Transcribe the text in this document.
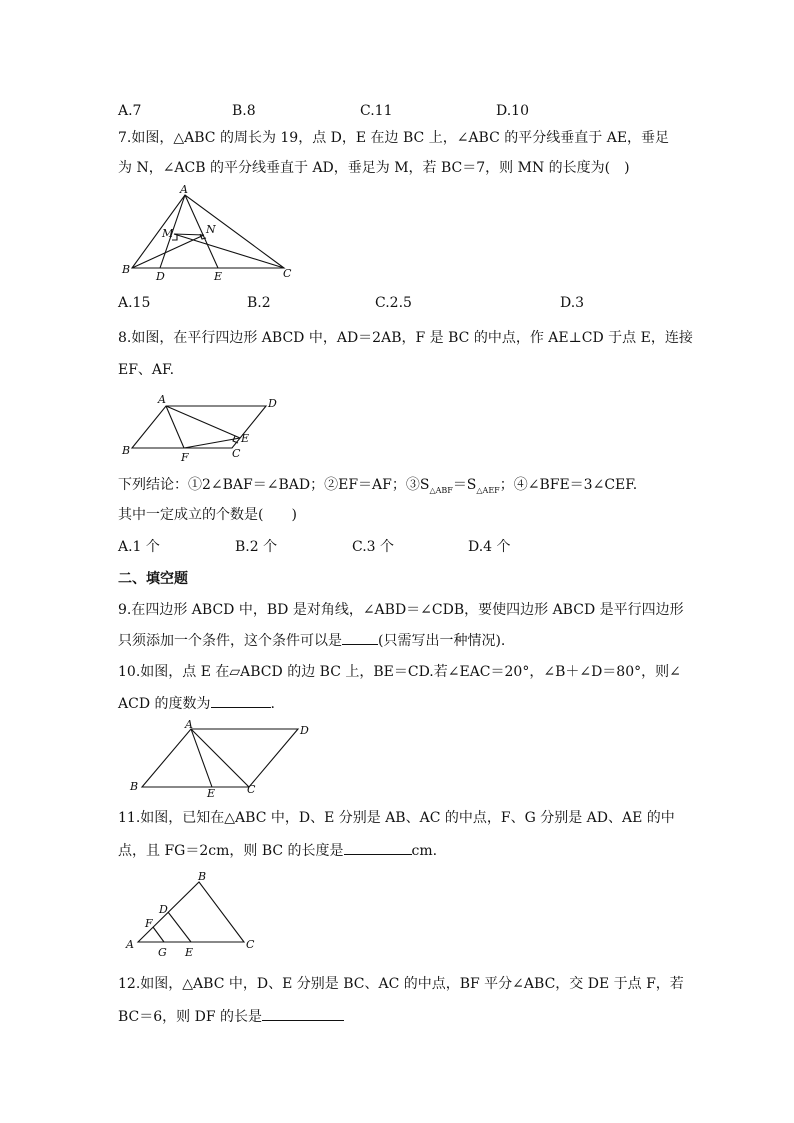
A.7	B.8	C.11	D.10
7.如图，△ABC 的周长为 19，点 D，E 在边 BC 上，∠ABC 的平分线垂直于 AE，垂足
为 N，∠ACB 的平分线垂直于 AD，垂足为 M，若 BC＝7，则 MN 的长度为(　)
A
M	N
B
D	E	C
A.15	B.2	C.2.5	D.3
8.如图，在平行四边形 ABCD 中，AD＝2AB，F 是 BC 的中点，作 AE⊥CD 于点 E，连接
EF、AF.
A	D
B
F
E
C
下列结论：①2∠BAF＝∠BAD；②EF＝AF；$③S_{\triangle ABF}=S_{\triangle AEF}$；④∠BFE＝3∠CEF.
其中一定成立的个数是(　　)
A.1 个	B.2 个	C.3 个	D.4 个
二、填空题
9.在四边形 ABCD 中，BD 是对角线，∠ABD＝∠CDB，要使四边形 ABCD 是平行四边形
只须添加一个条件，这个条件可以是	(只需写出一种情况).
10.如图，点 E 在▱ABCD 的边 BC 上，BE＝CD.若∠EAC＝20°，∠B＋∠D＝80°，则∠
ACD 的度数为	.
A	D
B
E	C
11.如图，已知在△ABC 中，D、E 分别是 AB、AC 的中点，F、G 分别是 AD、AE 的中
点，且 FG＝2cm，则 BC 的长度是	cm.
B
D
F
A
G E
C
12.如图，△ABC 中，D、E 分别是 BC、AC 的中点，BF 平分∠ABC，交 DE 于点 F，若
BC＝6，则 DF 的长是
